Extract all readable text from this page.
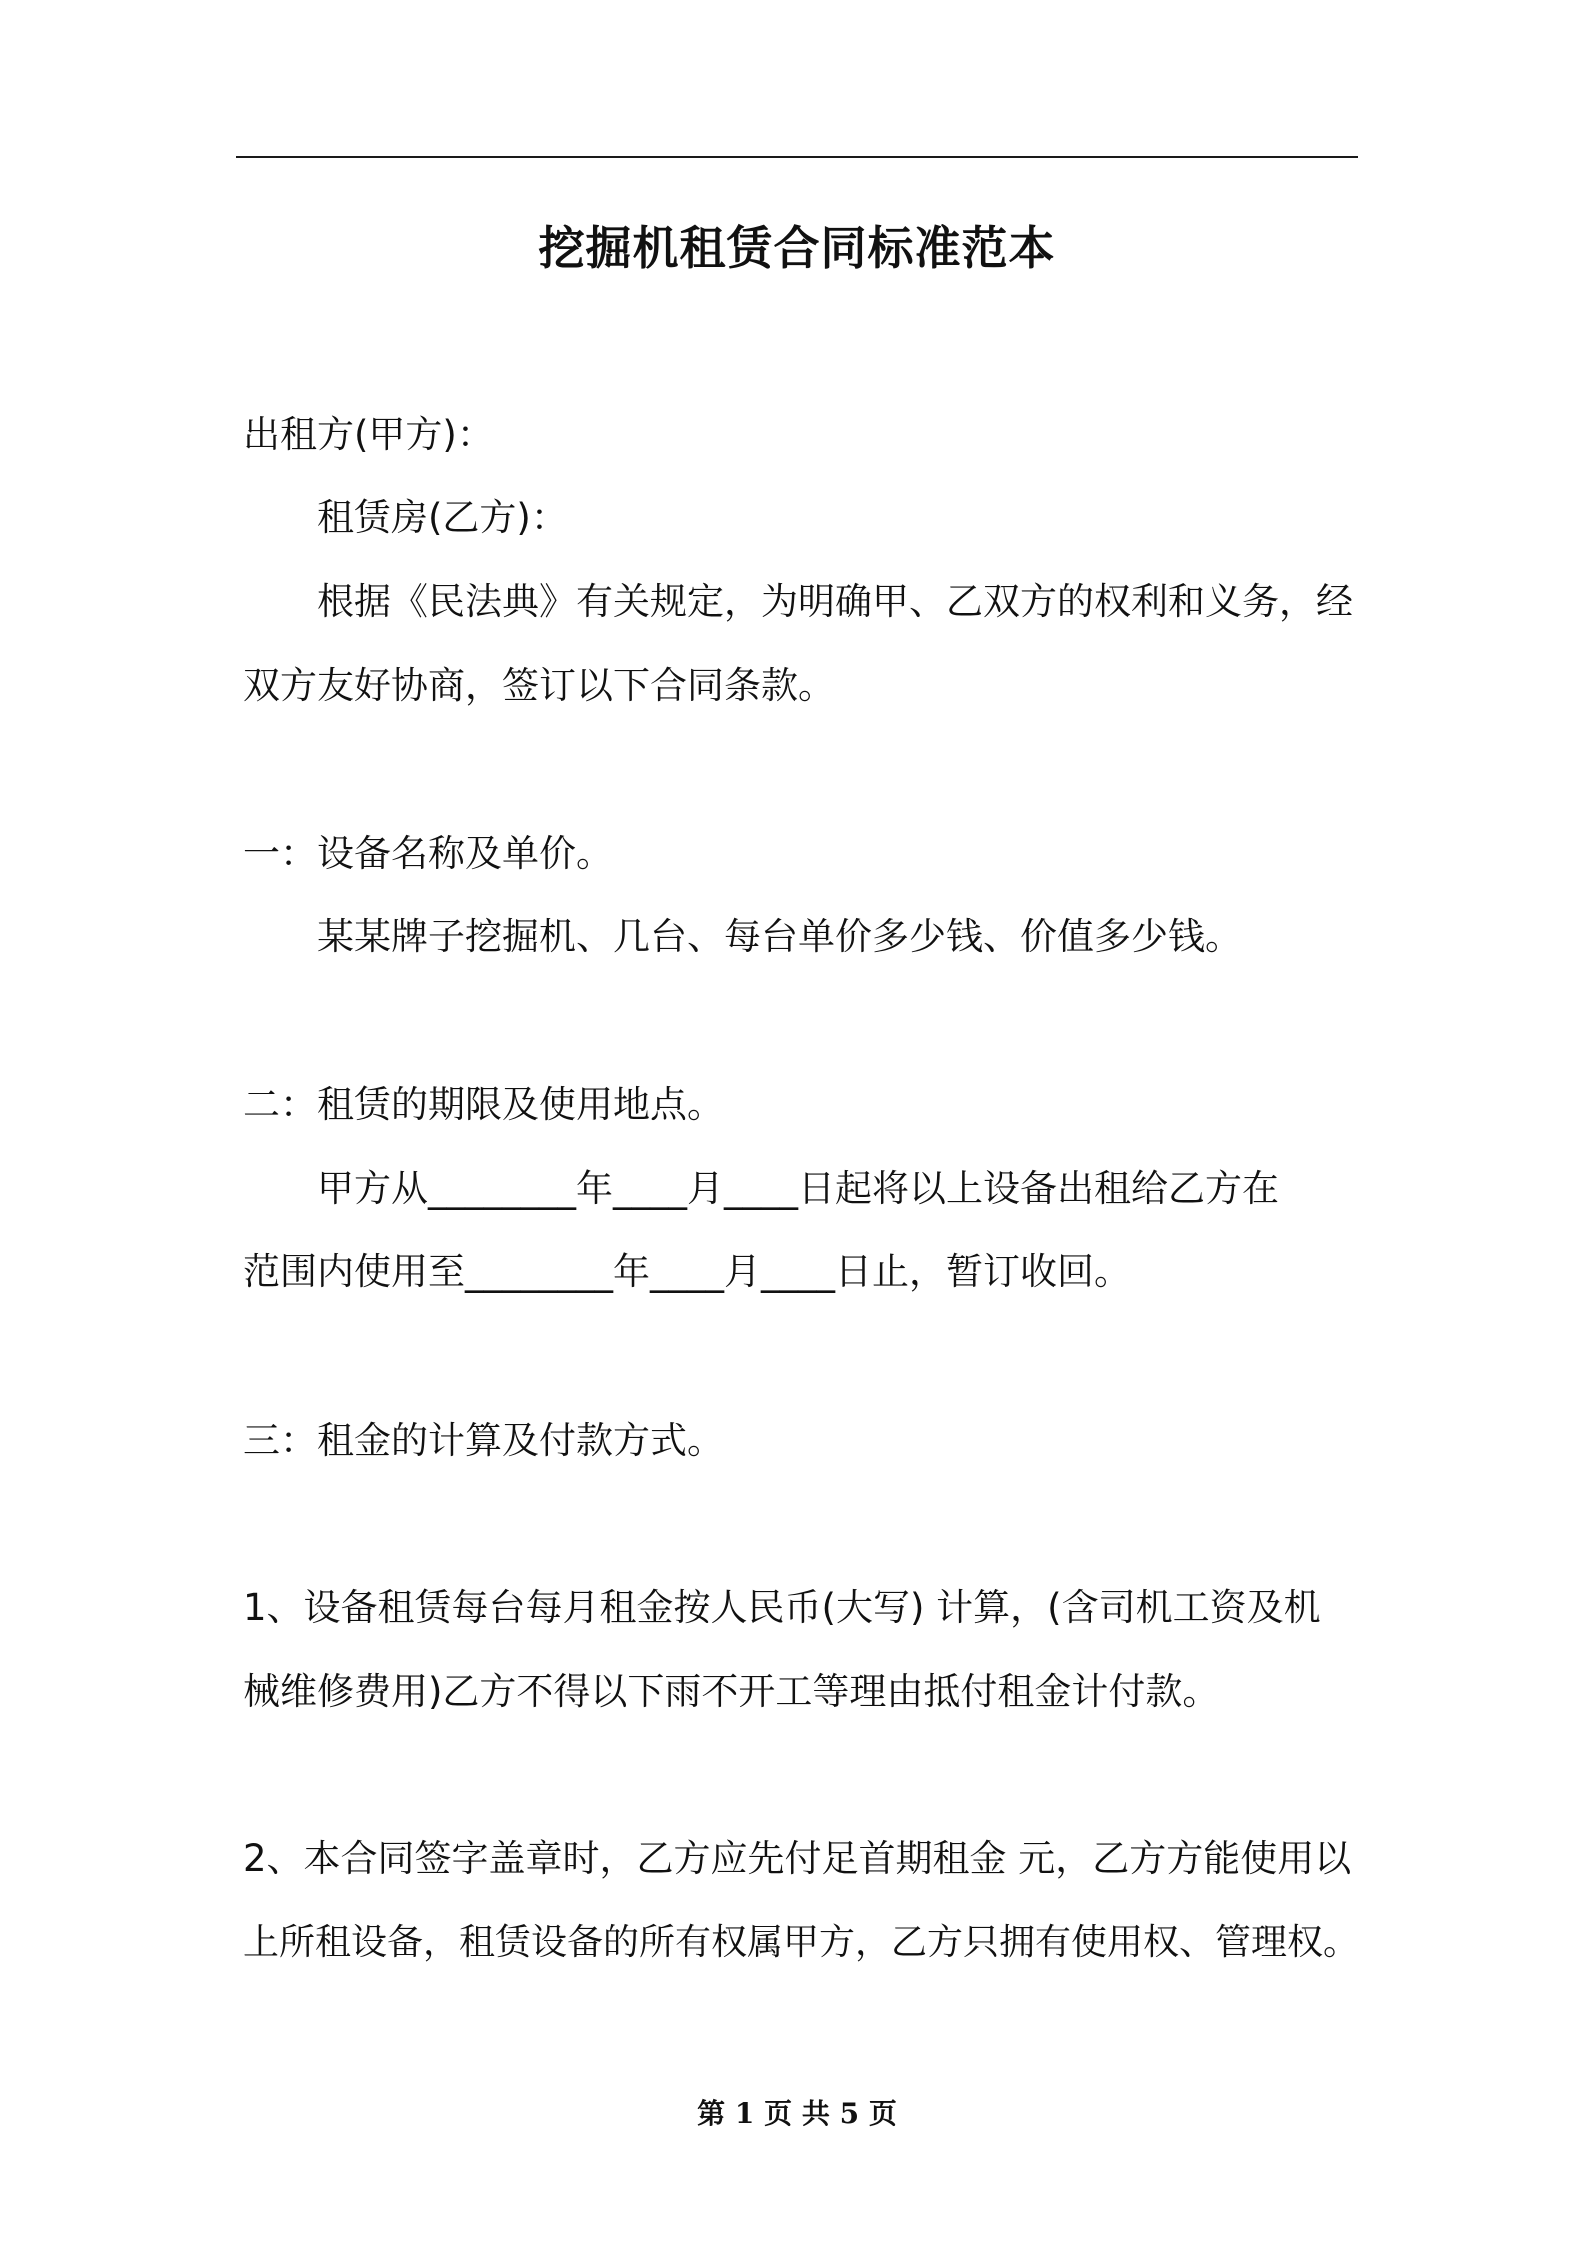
挖掘机租赁合同标准范本
出租方(甲方)：
租赁房(乙方)：
根据《民法典》有关规定，为明确甲、乙双方的权利和义务，经
双方友好协商，签订以下合同条款。
一：设备名称及单价。
某某牌子挖掘机、几台、每台单价多少钱、价值多少钱。
二：租赁的期限及使用地点。
甲方从________年____月____日起将以上设备出租给乙方在
范围内使用至________年____月____日止，暂订收回。
三：租金的计算及付款方式。
1、设备租赁每台每月租金按人民币(大写) 计算，(含司机工资及机
械维修费用)乙方不得以下雨不开工等理由抵付租金计付款。
2、本合同签字盖章时，乙方应先付足首期租金 元，乙方方能使用以
上所租设备，租赁设备的所有权属甲方，乙方只拥有使用权、管理权。
第 1 页 共 5 页
